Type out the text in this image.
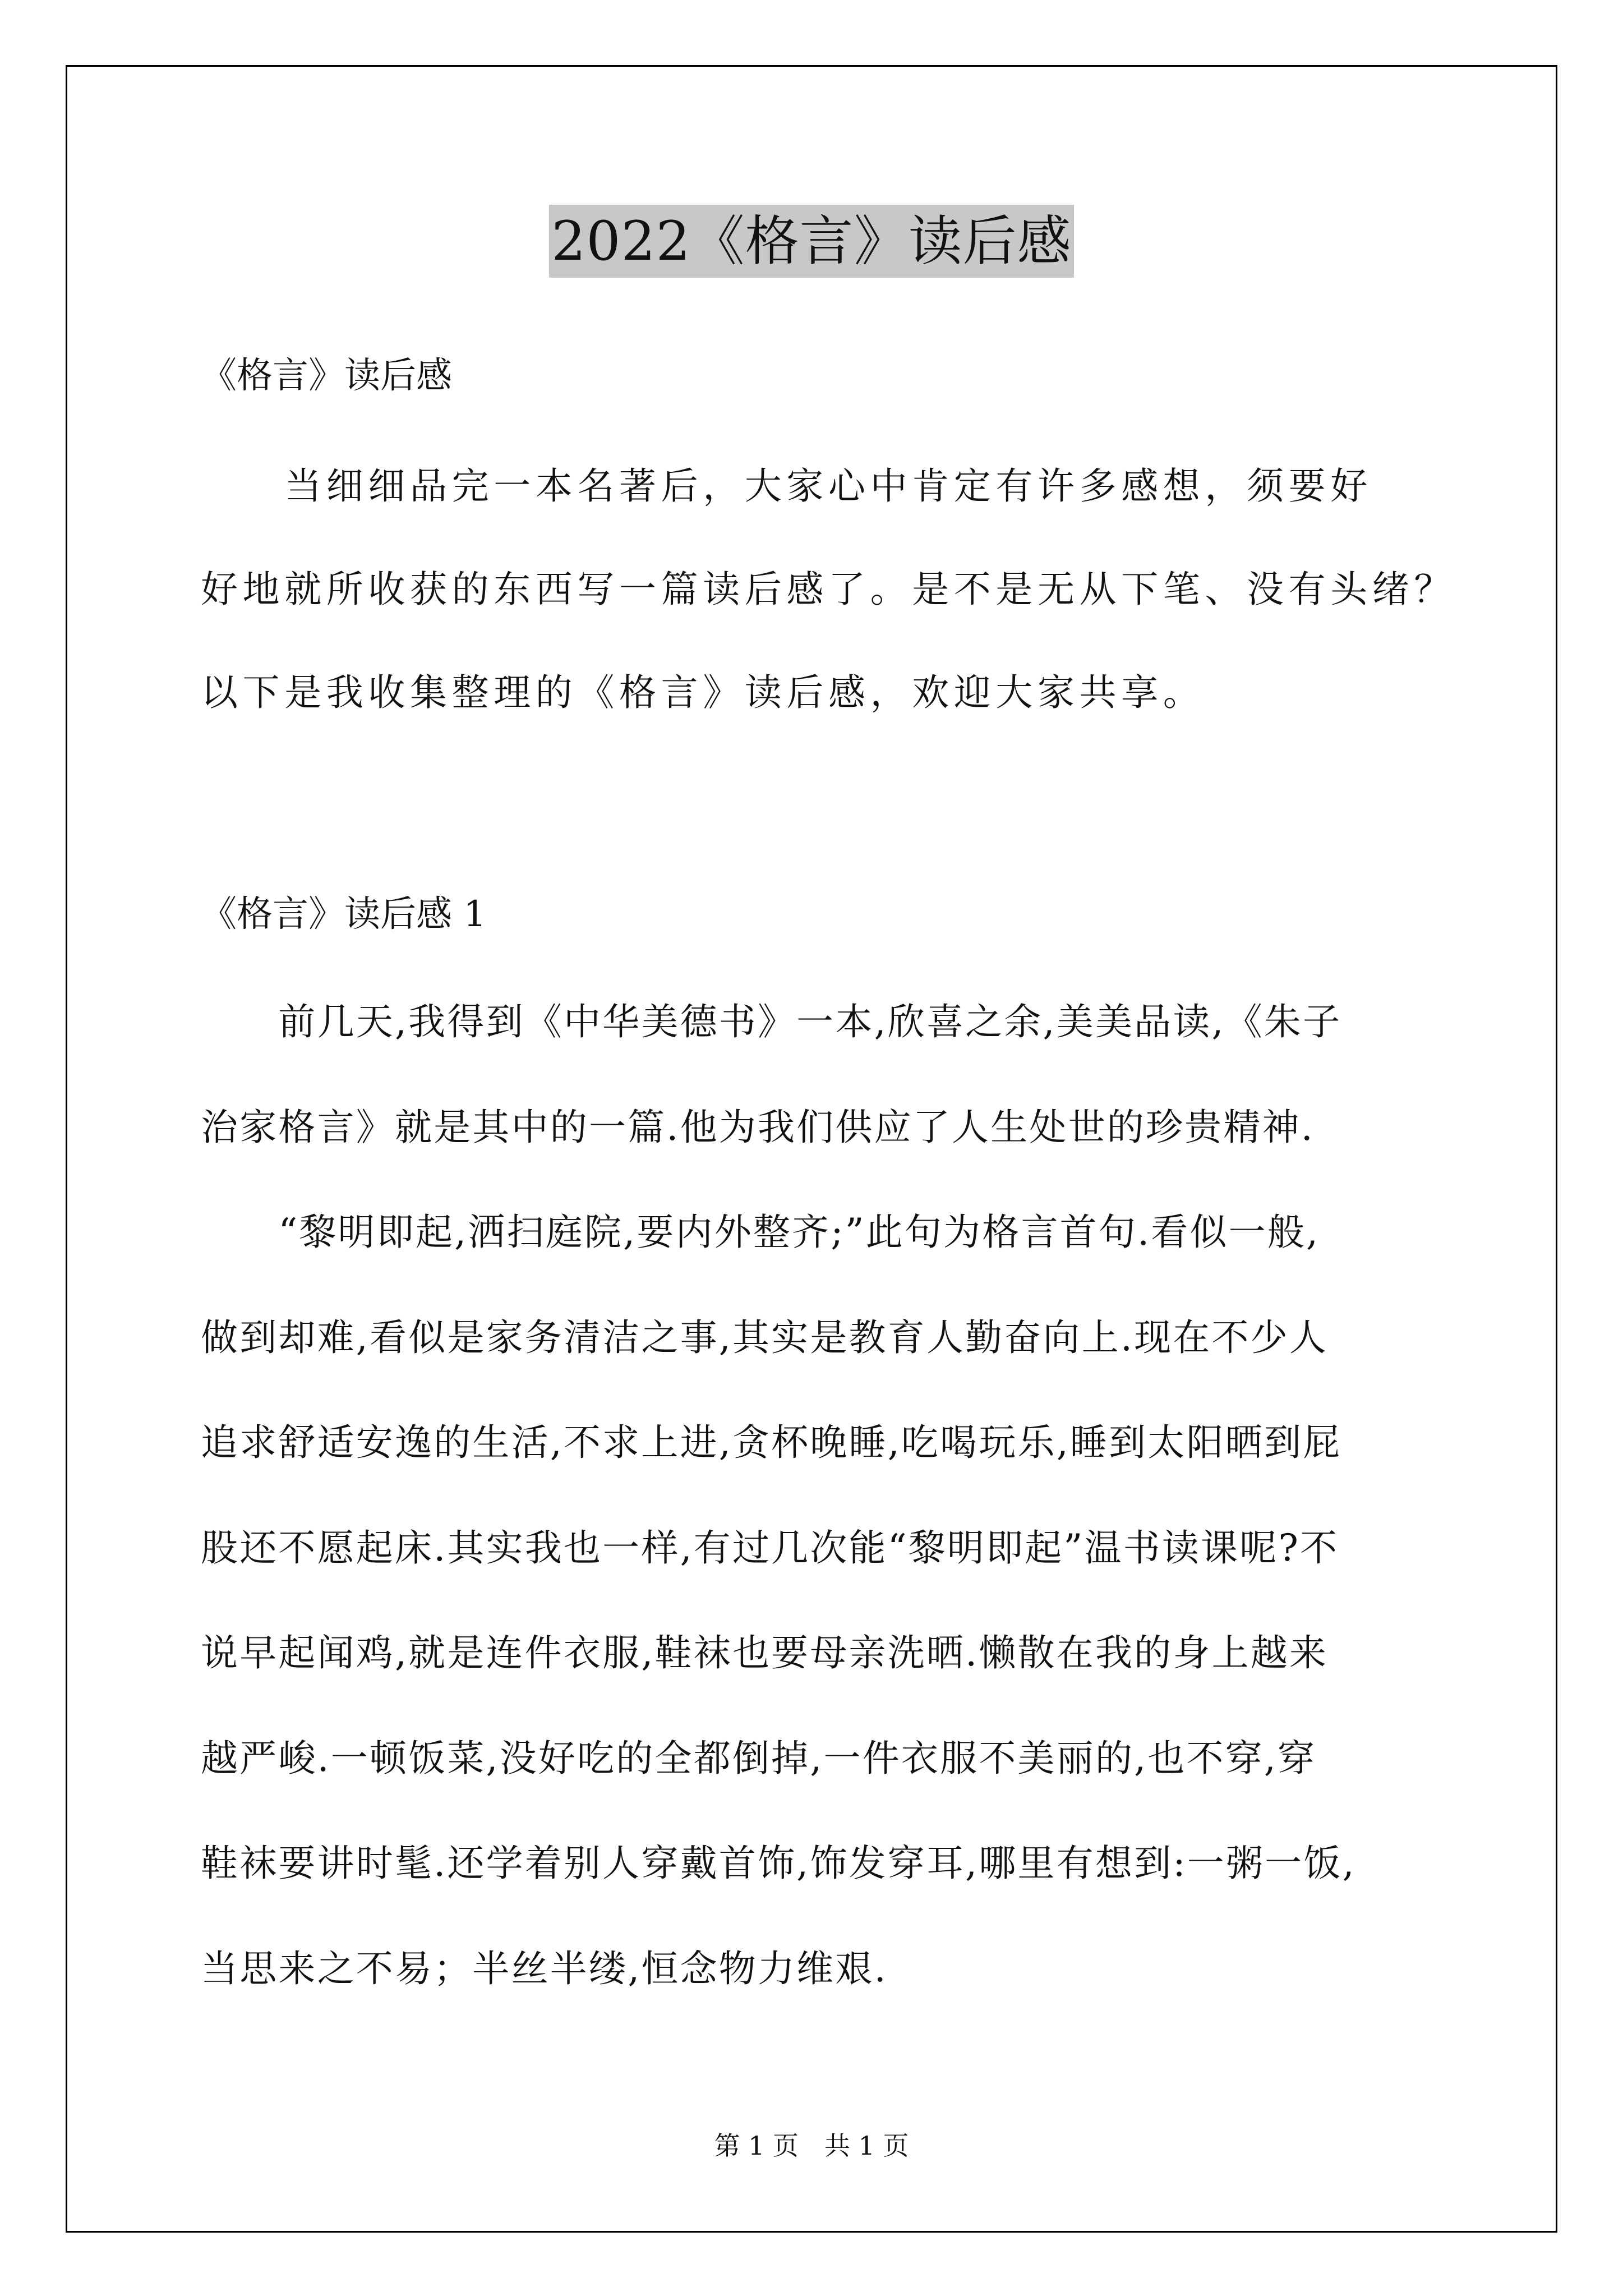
2022《格言》读后感
《格言》读后感
　　当细细品完一本名著后，大家心中肯定有许多感想，须要好
好地就所收获的东西写一篇读后感了。是不是无从下笔、没有头绪？
以下是我收集整理的《格言》读后感，欢迎大家共享。
《格言》读后感 1
　　前几天,我得到《中华美德书》一本,欣喜之余,美美品读,《朱子
治家格言》就是其中的一篇.他为我们供应了人生处世的珍贵精神.
　　“黎明即起,洒扫庭院,要内外整齐;”此句为格言首句.看似一般,
做到却难,看似是家务清洁之事,其实是教育人勤奋向上.现在不少人
追求舒适安逸的生活,不求上进,贪杯晚睡,吃喝玩乐,睡到太阳晒到屁
股还不愿起床.其实我也一样,有过几次能“黎明即起”温书读课呢?不
说早起闻鸡,就是连件衣服,鞋袜也要母亲洗晒.懒散在我的身上越来
越严峻.一顿饭菜,没好吃的全都倒掉,一件衣服不美丽的,也不穿,穿
鞋袜要讲时髦.还学着别人穿戴首饰,饰发穿耳,哪里有想到:一粥一饭,
当思来之不易；半丝半缕,恒念物力维艰.
第 1 页 共 1 页
